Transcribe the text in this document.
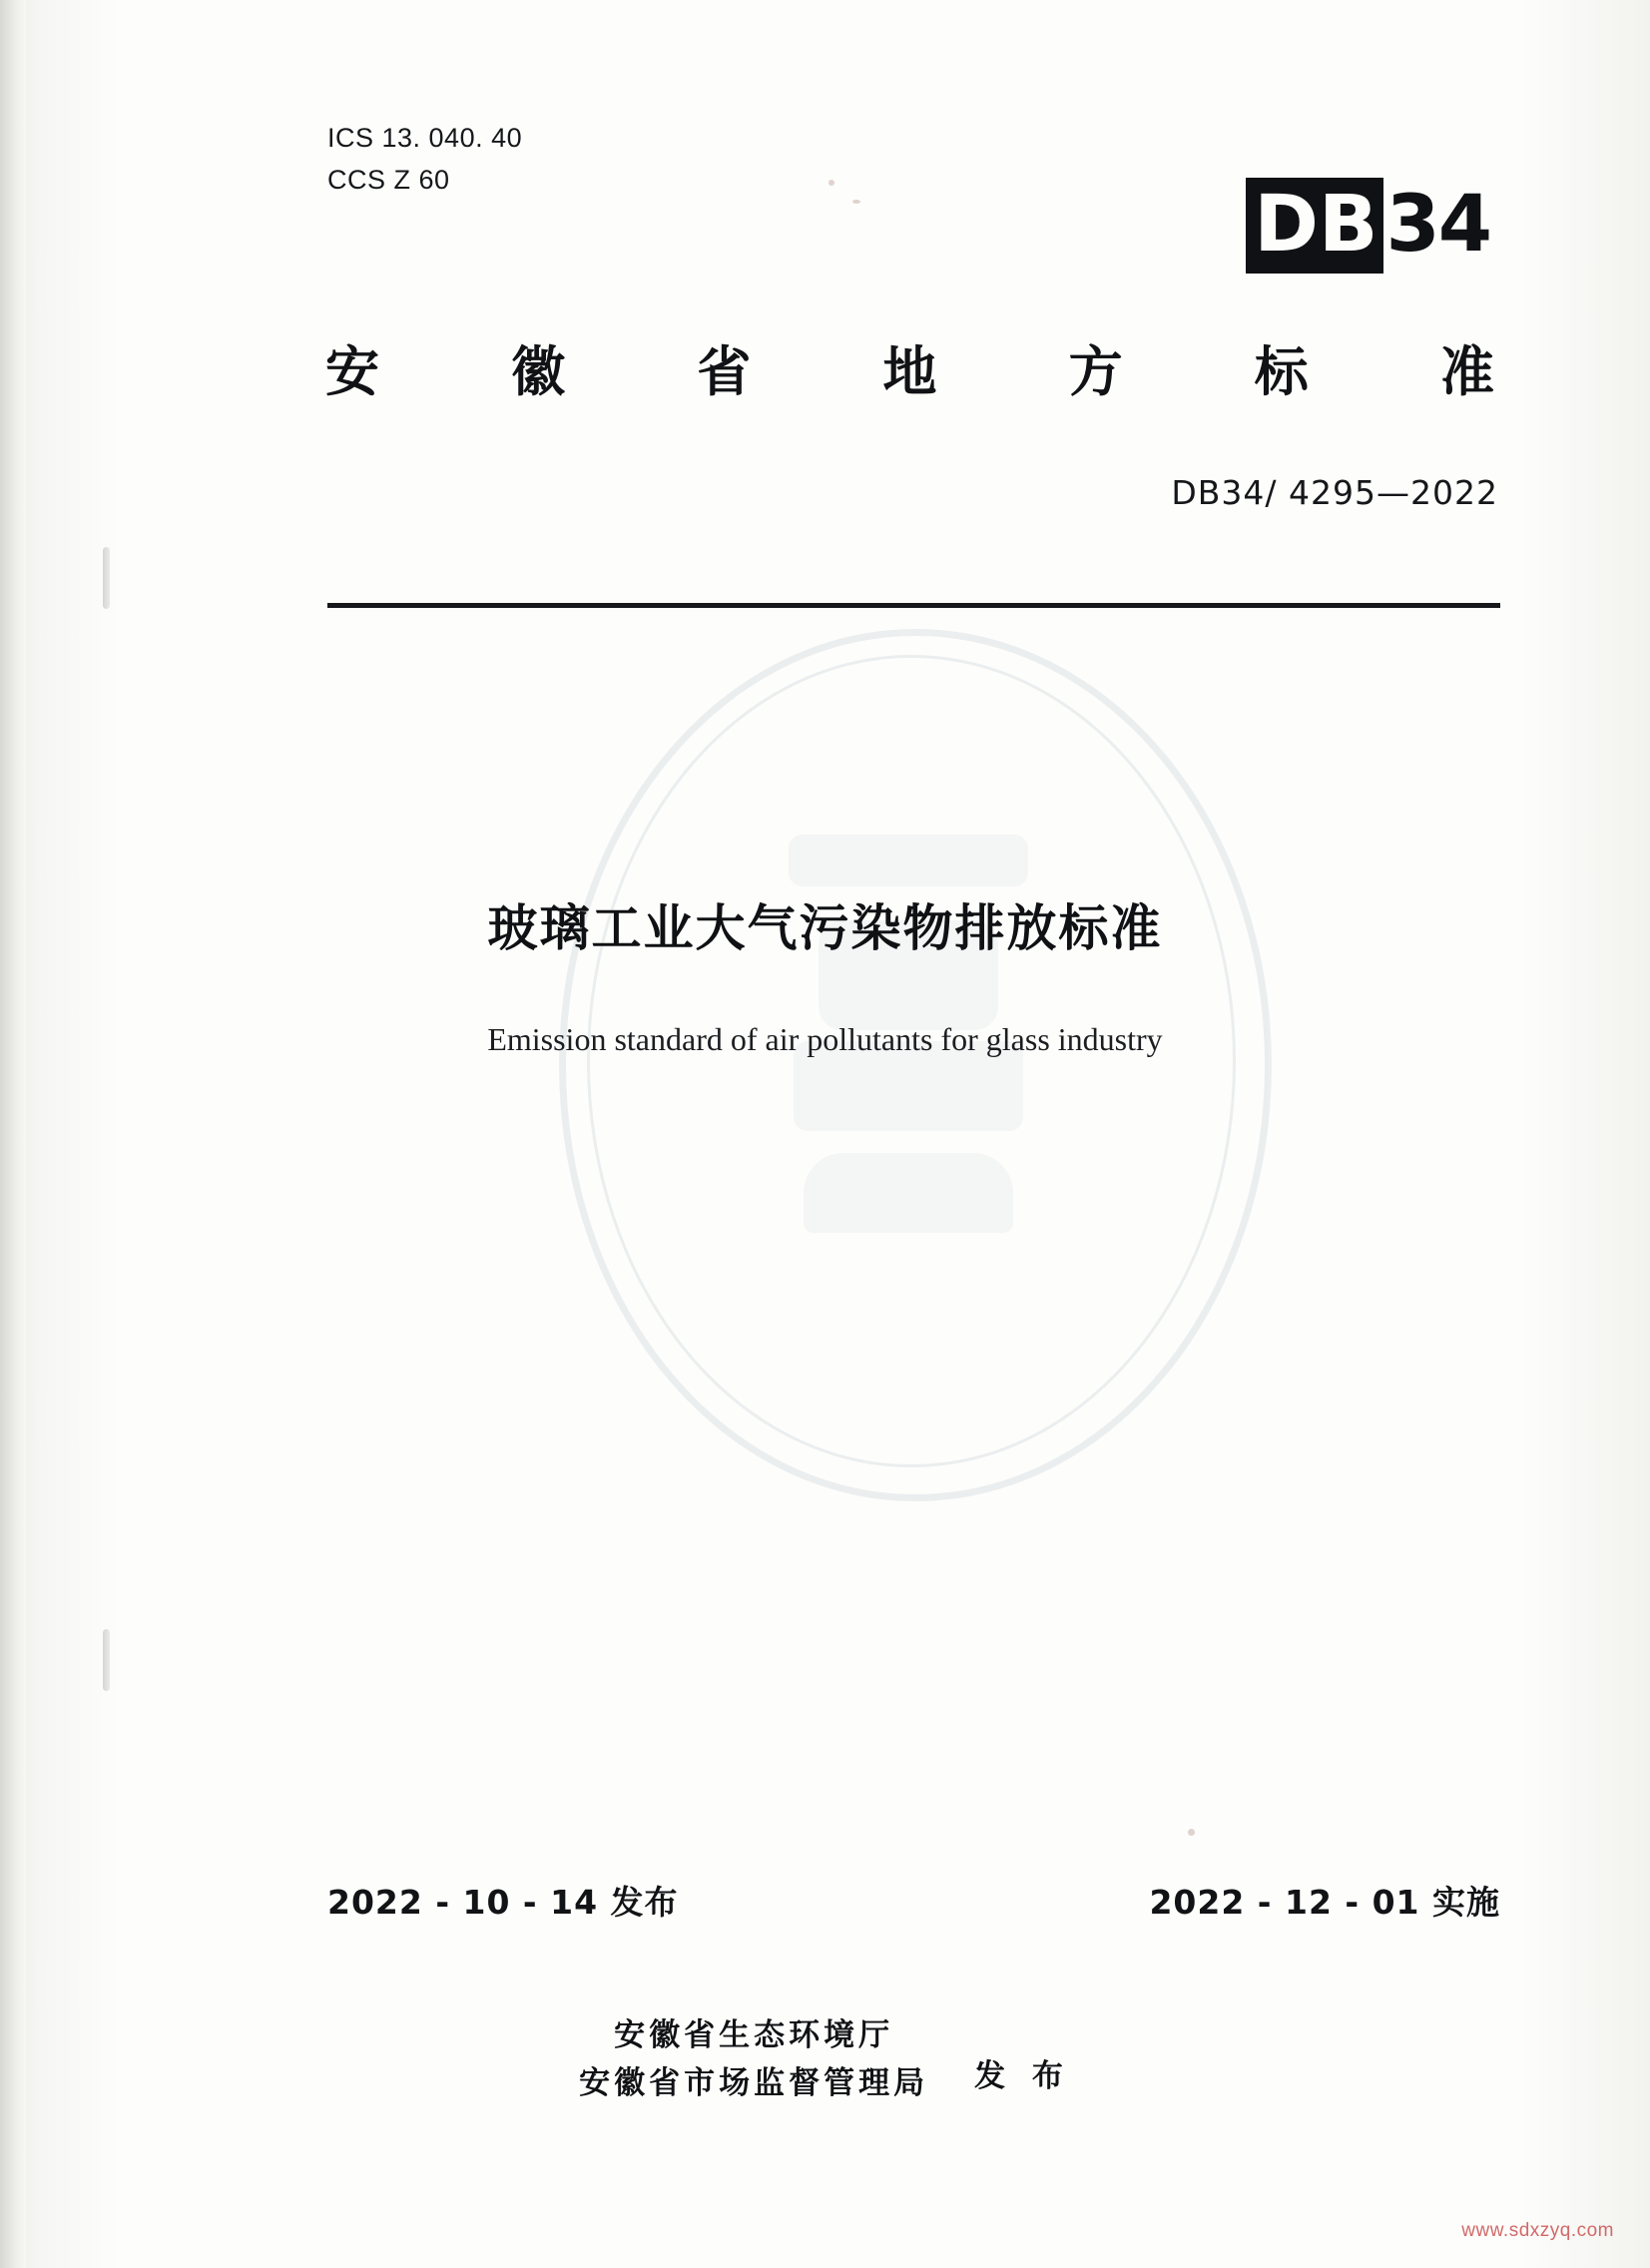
ICS 13. 040. 40
CCS Z 60	DB 34
安 徽 省 地 方 标 准
DB34/ 4295—2022
玻璃工业大气污染物排放标准
Emission standard of air pollutants for glass industry
2022 - 10 - 14 发布	2022 - 12 - 01 实施
安徽省生态环境厅
安徽省市场监督管理局 发 布
www.sdxzyq.com
